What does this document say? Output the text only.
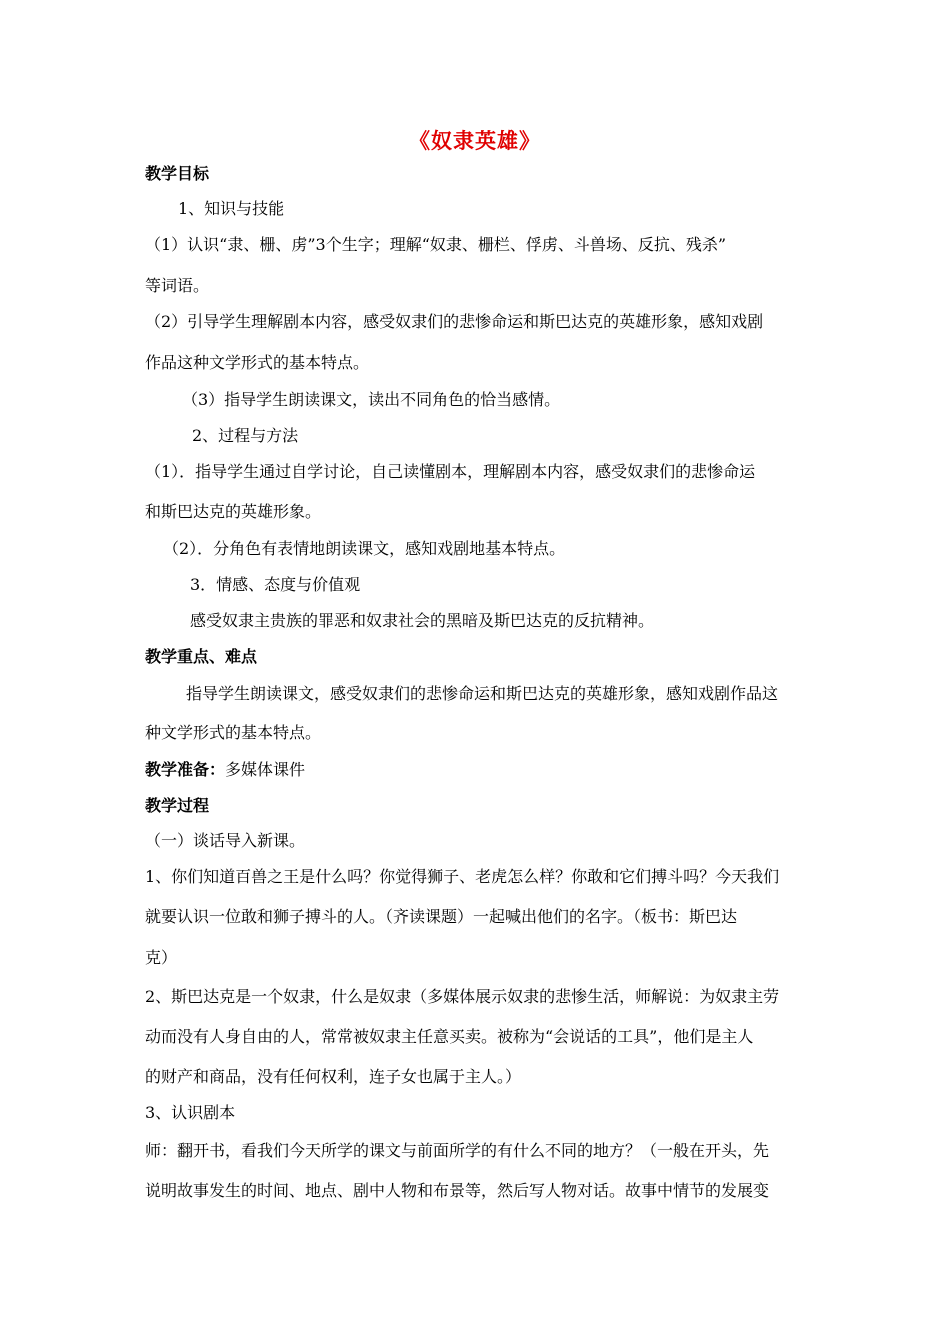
《奴隶英雄》
教学目标
1、知识与技能
（1）认识“隶、栅、虏”3个生字；理解“奴隶、栅栏、俘虏、斗兽场、反抗、残杀”
等词语。
（2）引导学生理解剧本内容，感受奴隶们的悲惨命运和斯巴达克的英雄形象，感知戏剧
作品这种文学形式的基本特点。
（3）指导学生朗读课文，读出不同角色的恰当感情。
2、过程与方法
（1）．指导学生通过自学讨论，自己读懂剧本，理解剧本内容，感受奴隶们的悲惨命运
和斯巴达克的英雄形象。
（2）．分角色有表情地朗读课文，感知戏剧地基本特点。
3．情感、态度与价值观
感受奴隶主贵族的罪恶和奴隶社会的黑暗及斯巴达克的反抗精神。
教学重点、难点
指导学生朗读课文，感受奴隶们的悲惨命运和斯巴达克的英雄形象，感知戏剧作品这
种文学形式的基本特点。
教学准备：多媒体课件
教学过程
（一）谈话导入新课。
1、你们知道百兽之王是什么吗？你觉得狮子、老虎怎么样？你敢和它们搏斗吗？今天我们
就要认识一位敢和狮子搏斗的人。（齐读课题）一起喊出他们的名字。（板书：斯巴达
克）
2、斯巴达克是一个奴隶，什么是奴隶（多媒体展示奴隶的悲惨生活，师解说：为奴隶主劳
动而没有人身自由的人，常常被奴隶主任意买卖。被称为“会说话的工具”，他们是主人
的财产和商品，没有任何权利，连子女也属于主人。）
3、认识剧本
师：翻开书，看我们今天所学的课文与前面所学的有什么不同的地方？（一般在开头，先
说明故事发生的时间、地点、剧中人物和布景等，然后写人物对话。故事中情节的发展变
